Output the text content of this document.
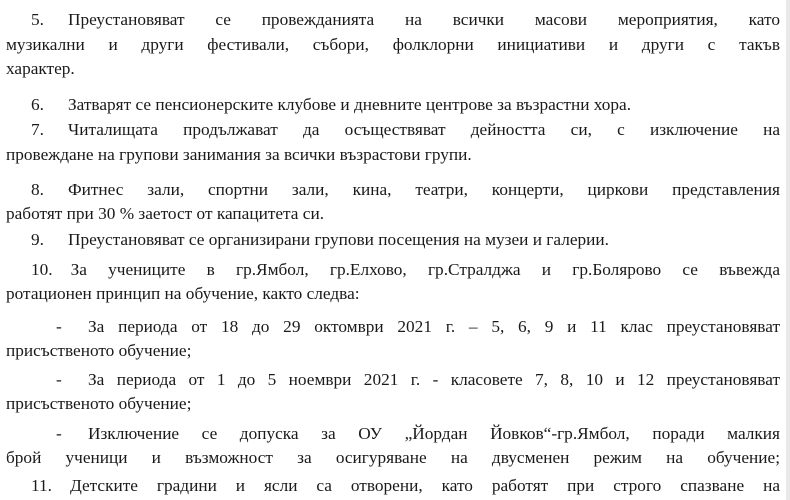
5. Преустановяват се провежданията на всички масови мероприятия, като
музикални и други фестивали, събори, фолклорни инициативи и други с такъв
характер.
6. Затварят се пенсионерските клубове и дневните центрове за възрастни хора.
7. Читалищата продължават да осъществяват дейността си, с изключение на
провеждане на групови занимания за всички възрастови групи.
8. Фитнес зали, спортни зали, кина, театри, концерти, циркови представления
работят при 30 % заетост от капацитета си.
9. Преустановяват се организирани групови посещения на музеи и галерии.
10. За учениците в гр.Ямбол, гр.Елхово, гр.Стралджа и гр.Болярово се въвежда
ротационен принцип на обучение, както следва:
- За периода от 18 до 29 октомври 2021 г. – 5, 6, 9 и 11 клас преустановяват
присъственото обучение;
- За периода от 1 до 5 ноември 2021 г. - класовете 7, 8, 10 и 12 преустановяват
присъственото обучение;
- Изключение се допуска за ОУ „Йордан Йовков“-гр.Ямбол, поради малкия
брой ученици и възможност за осигуряване на двусменен режим на обучение;
11. Детските градини и ясли са отворени, като работят при строго спазване на
